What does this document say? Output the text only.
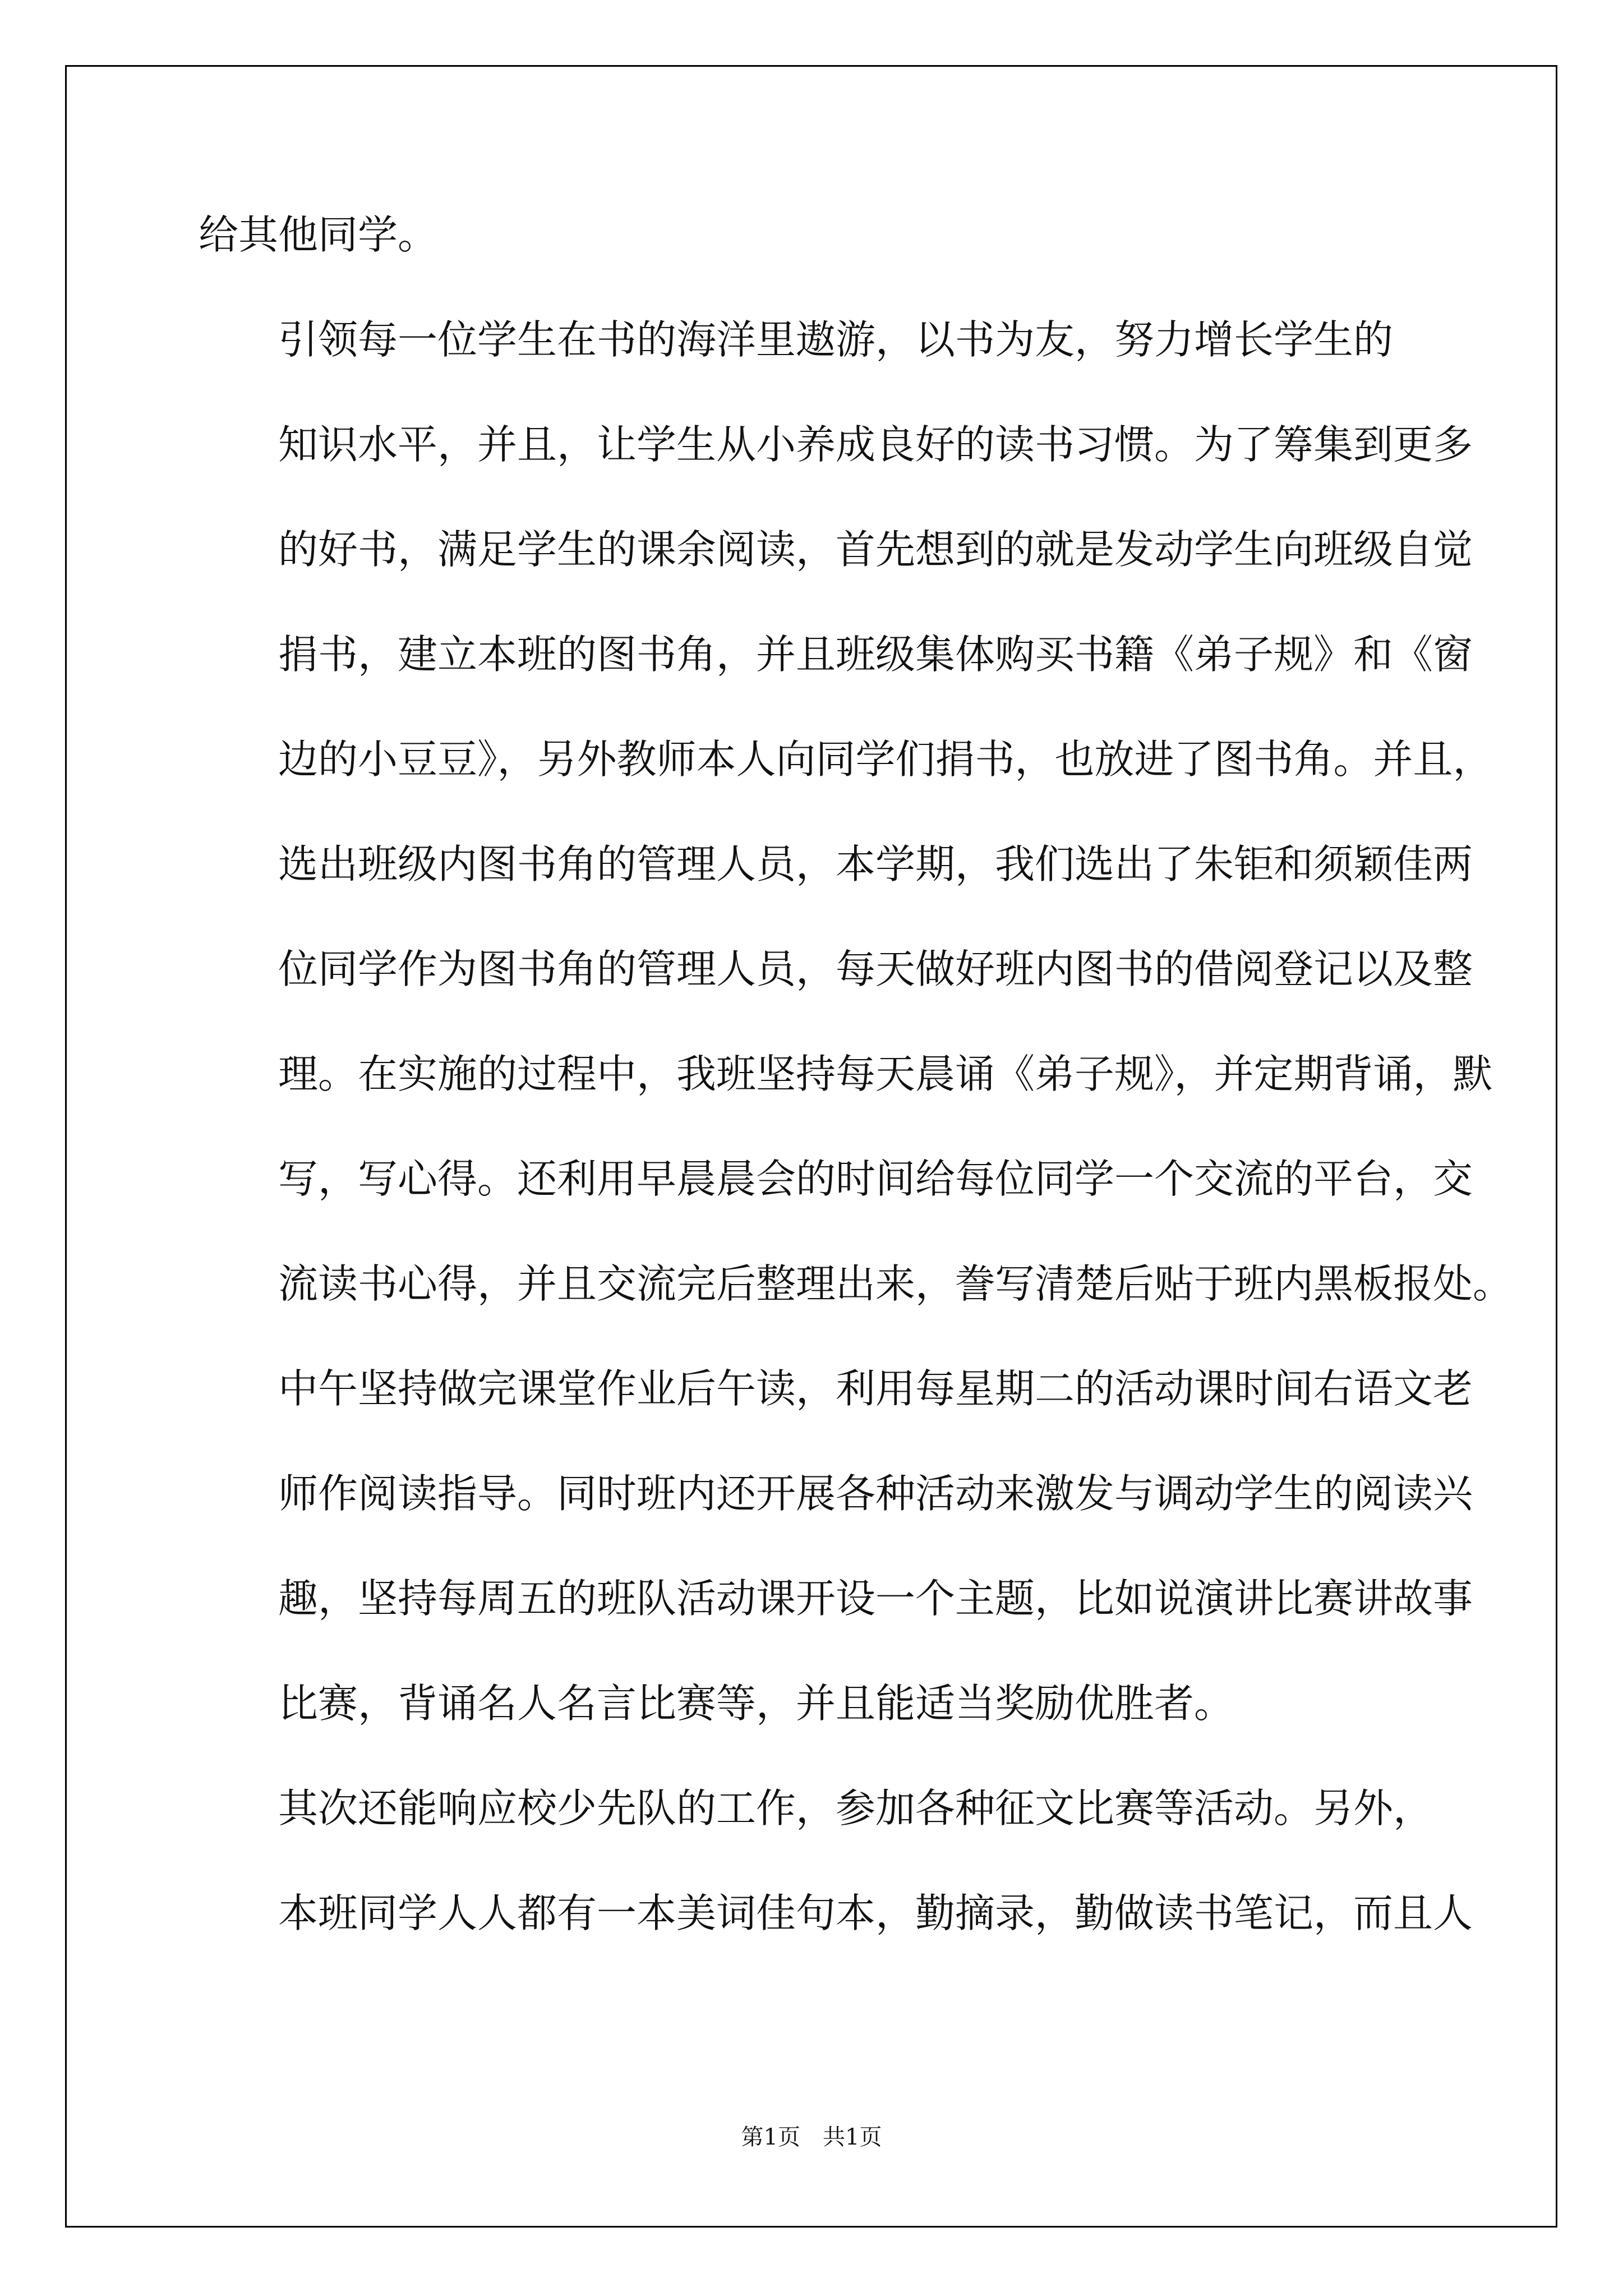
给其他同学。

引领每一位学生在书的海洋里遨游，以书为友，努力增长学生的
知识水平，并且，让学生从小养成良好的读书习惯。为了筹集到更多
的好书，满足学生的课余阅读，首先想到的就是发动学生向班级自觉
捐书，建立本班的图书角，并且班级集体购买书籍《弟子规》和《窗
边的小豆豆》，另外教师本人向同学们捐书，也放进了图书角。并且，
选出班级内图书角的管理人员，本学期，我们选出了朱钜和须颖佳两
位同学作为图书角的管理人员，每天做好班内图书的借阅登记以及整
理。在实施的过程中，我班坚持每天晨诵《弟子规》，并定期背诵，默
写，写心得。还利用早晨晨会的时间给每位同学一个交流的平台，交
流读书心得，并且交流完后整理出来，誊写清楚后贴于班内黑板报处。
中午坚持做完课堂作业后午读，利用每星期二的活动课时间右语文老
师作阅读指导。同时班内还开展各种活动来激发与调动学生的阅读兴
趣，坚持每周五的班队活动课开设一个主题，比如说演讲比赛讲故事
比赛，背诵名人名言比赛等，并且能适当奖励优胜者。

其次还能响应校少先队的工作，参加各种征文比赛等活动。另外，
本班同学人人都有一本美词佳句本，勤摘录，勤做读书笔记，而且人

第1页　共1页
